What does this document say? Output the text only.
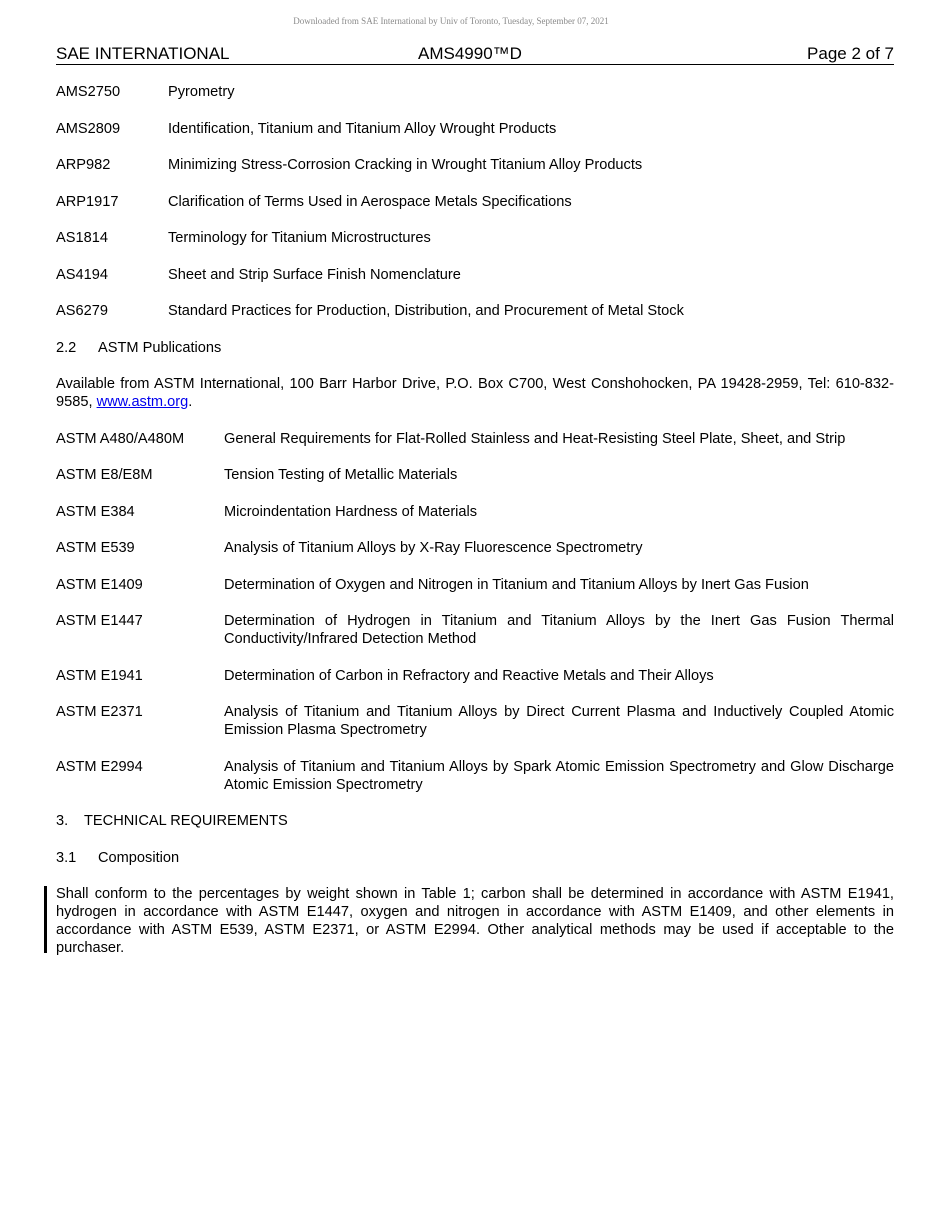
Downloaded from SAE International by Univ of Toronto, Tuesday, September 07, 2021
SAE INTERNATIONAL	AMS4990™D	Page 2 of 7
AMS2750	Pyrometry
AMS2809	Identification, Titanium and Titanium Alloy Wrought Products
ARP982	Minimizing Stress-Corrosion Cracking in Wrought Titanium Alloy Products
ARP1917	Clarification of Terms Used in Aerospace Metals Specifications
AS1814	Terminology for Titanium Microstructures
AS4194	Sheet and Strip Surface Finish Nomenclature
AS6279	Standard Practices for Production, Distribution, and Procurement of Metal Stock
2.2 ASTM Publications

Available from ASTM International, 100 Barr Harbor Drive, P.O. Box C700, West Conshohocken, PA 19428-2959, Tel: 610-832-9585, www.astm.org.

ASTM A480/A480M	General Requirements for Flat-Rolled Stainless and Heat-Resisting Steel Plate, Sheet, and Strip
ASTM E8/E8M	Tension Testing of Metallic Materials
ASTM E384	Microindentation Hardness of Materials
ASTM E539	Analysis of Titanium Alloys by X-Ray Fluorescence Spectrometry
ASTM E1409	Determination of Oxygen and Nitrogen in Titanium and Titanium Alloys by Inert Gas Fusion
ASTM E1447	Determination of Hydrogen in Titanium and Titanium Alloys by the Inert Gas Fusion Thermal Conductivity/Infrared Detection Method
ASTM E1941	Determination of Carbon in Refractory and Reactive Metals and Their Alloys
ASTM E2371	Analysis of Titanium and Titanium Alloys by Direct Current Plasma and Inductively Coupled Atomic Emission Plasma Spectrometry
ASTM E2994	Analysis of Titanium and Titanium Alloys by Spark Atomic Emission Spectrometry and Glow Discharge Atomic Emission Spectrometry
3. TECHNICAL REQUIREMENTS
3.1 Composition

Shall conform to the percentages by weight shown in Table 1; carbon shall be determined in accordance with ASTM E1941, hydrogen in accordance with ASTM E1447, oxygen and nitrogen in accordance with ASTM E1409, and other elements in accordance with ASTM E539, ASTM E2371, or ASTM E2994. Other analytical methods may be used if acceptable to the purchaser.
